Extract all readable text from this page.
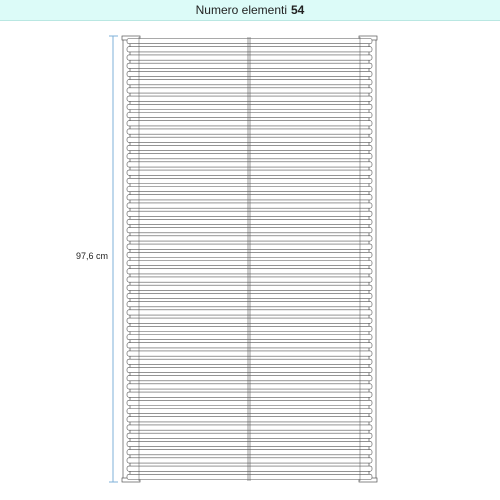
Numero elementi 54
97,6 cm
